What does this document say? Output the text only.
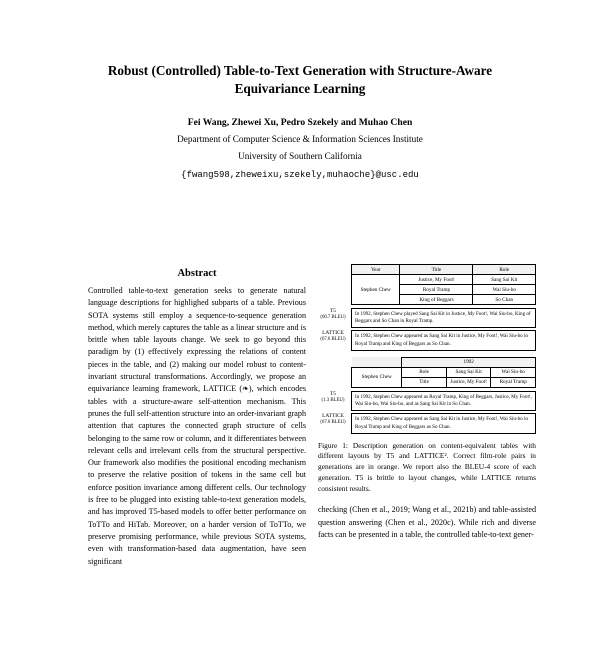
Robust (Controlled) Table-to-Text Generation with Structure-Aware Equivariance Learning
Fei Wang, Zhewei Xu, Pedro Szekely and Muhao Chen
Department of Computer Science & Information Sciences Institute
University of Southern California
{fwang598,zheweixu,szekely,muhaoche}@usc.edu
Abstract

Controlled table-to-text generation seeks to generate natural language descriptions for highlighed subparts of a table. Previous SOTA systems still employ a sequence-to-sequence generation method, which merely captures the table as a linear structure and is brittle when table layouts change. We seek to go beyond this paradigm by (1) effectively expressing the relations of content pieces in the table, and (2) making our model robust to content-invariant structural transformations. Accordingly, we propose an equivariance learning framework, LATTICE (❧), which encodes tables with a structure-aware self-attention mechanism. This prunes the full self-attention structure into an order-invariant graph attention that captures the connected graph structure of cells belonging to the same row or column, and it differentiates between relevant cells and irrelevant cells from the structural perspective. Our framework also modifies the positional encoding mechanism to preserve the relative position of tokens in the same cell but enforce position invariance among different cells. Our technology is free to be plugged into existing table-to-text generation models, and has improved T5-based models to offer better performance on ToTTo and HiTab. Moreover, on a harder version of ToTTo, we preserve promising performance, while previous SOTA systems, even with transformation-based data augmentation, have seen significant

Year	Title	Role
Stephen Chew	Justice, My Foot!	Sang Sai Kit
	Royal Tramp	Wai Siu-bo
	King of Beggars	So Chan
T5
(60.7 BLEU)
In 1992, Stephen Chew played Sang Sai Kit in Justice, My Foot!, Wai Siu-bo, King of Beggars and So Chan in Royal Tramp.
LATTICE
(67.6 BLEU)
In 1992, Stephen Chew appeared as Sang Sai Kit in Justice, My Foot!, Wai Siu-bo in Royal Tramp and King of Beggars as So Chan.
	1992		
Stephen Chew	Role	Sang Sai Kit	Wai Siu-bo
	Title	Justice, My Foot!	Royal Tramp
T5
(1.3 BLEU)
In 1992, Stephen Chew appeared as Royal Tramp, King of Beggars, Justice, My Foot!, Wai Siu-bo, Wai Siu-bo, and as Sang Sai Kit in So Chan.
LATTICE
(67.6 BLEU)
In 1992, Stephen Chew appeared as Sang Sai Kit in Justice, My Foot!, Wai Siu-bo in Royal Tramp and King of Beggars as So Chan.
Figure 1: Description generation on content-equivalent tables with different layouts by T5 and LATTICE². Correct film-role pairs in generations are in orange. We report also the BLEU-4 score of each generation. T5 is brittle to layout changes, while LATTICE returns consistent results.

checking (Chen et al., 2019; Wang et al., 2021b) and table-assisted question answering (Chen et al., 2020c). While rich and diverse facts can be presented in a table, the controlled table-to-text gener-
